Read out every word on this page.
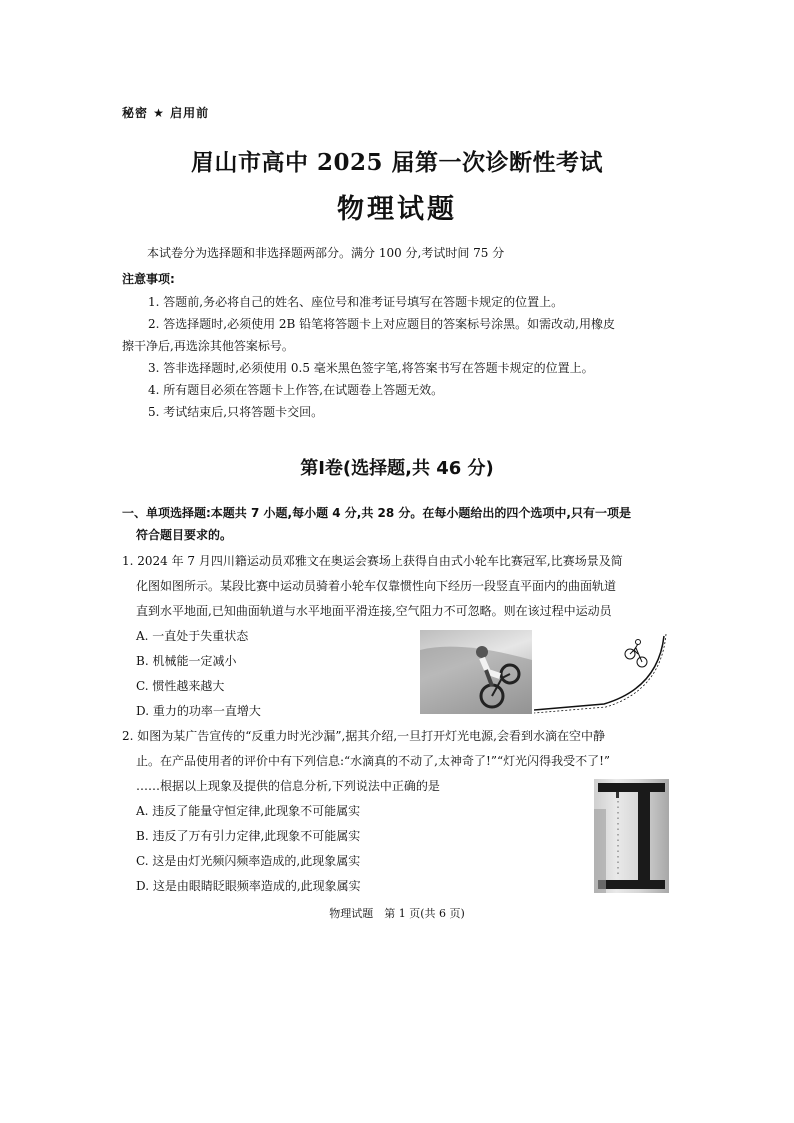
秘密 ★ 启用前
眉山市高中 2025 届第一次诊断性考试
物理试题
本试卷分为选择题和非选择题两部分。满分 100 分,考试时间 75 分
注意事项:
1. 答题前,务必将自己的姓名、座位号和准考证号填写在答题卡规定的位置上。
2. 答选择题时,必须使用 2B 铅笔将答题卡上对应题目的答案标号涂黑。如需改动,用橡皮
擦干净后,再选涂其他答案标号。
3. 答非选择题时,必须使用 0.5 毫米黑色签字笔,将答案书写在答题卡规定的位置上。
4. 所有题目必须在答题卡上作答,在试题卷上答题无效。
5. 考试结束后,只将答题卡交回。
第Ⅰ卷(选择题,共 46 分)
一、单项选择题:本题共 7 小题,每小题 4 分,共 28 分。在每小题给出的四个选项中,只有一项是
符合题目要求的。
1. 2024 年 7 月四川籍运动员邓雅文在奥运会赛场上获得自由式小轮车比赛冠军,比赛场景及简
化图如图所示。某段比赛中运动员骑着小轮车仅靠惯性向下经历一段竖直平面内的曲面轨道
直到水平地面,已知曲面轨道与水平地面平滑连接,空气阻力不可忽略。则在该过程中运动员
A. 一直处于失重状态
B. 机械能一定减小
C. 惯性越来越大
D. 重力的功率一直增大
2. 如图为某广告宣传的“反重力时光沙漏”,据其介绍,一旦打开灯光电源,会看到水滴在空中静
止。在产品使用者的评价中有下列信息:“水滴真的不动了,太神奇了!”“灯光闪得我受不了!”
……根据以上现象及提供的信息分析,下列说法中正确的是
A. 违反了能量守恒定律,此现象不可能属实
B. 违反了万有引力定律,此现象不可能属实
C. 这是由灯光频闪频率造成的,此现象属实
D. 这是由眼睛眨眼频率造成的,此现象属实
物理试题　第 1 页(共 6 页)
